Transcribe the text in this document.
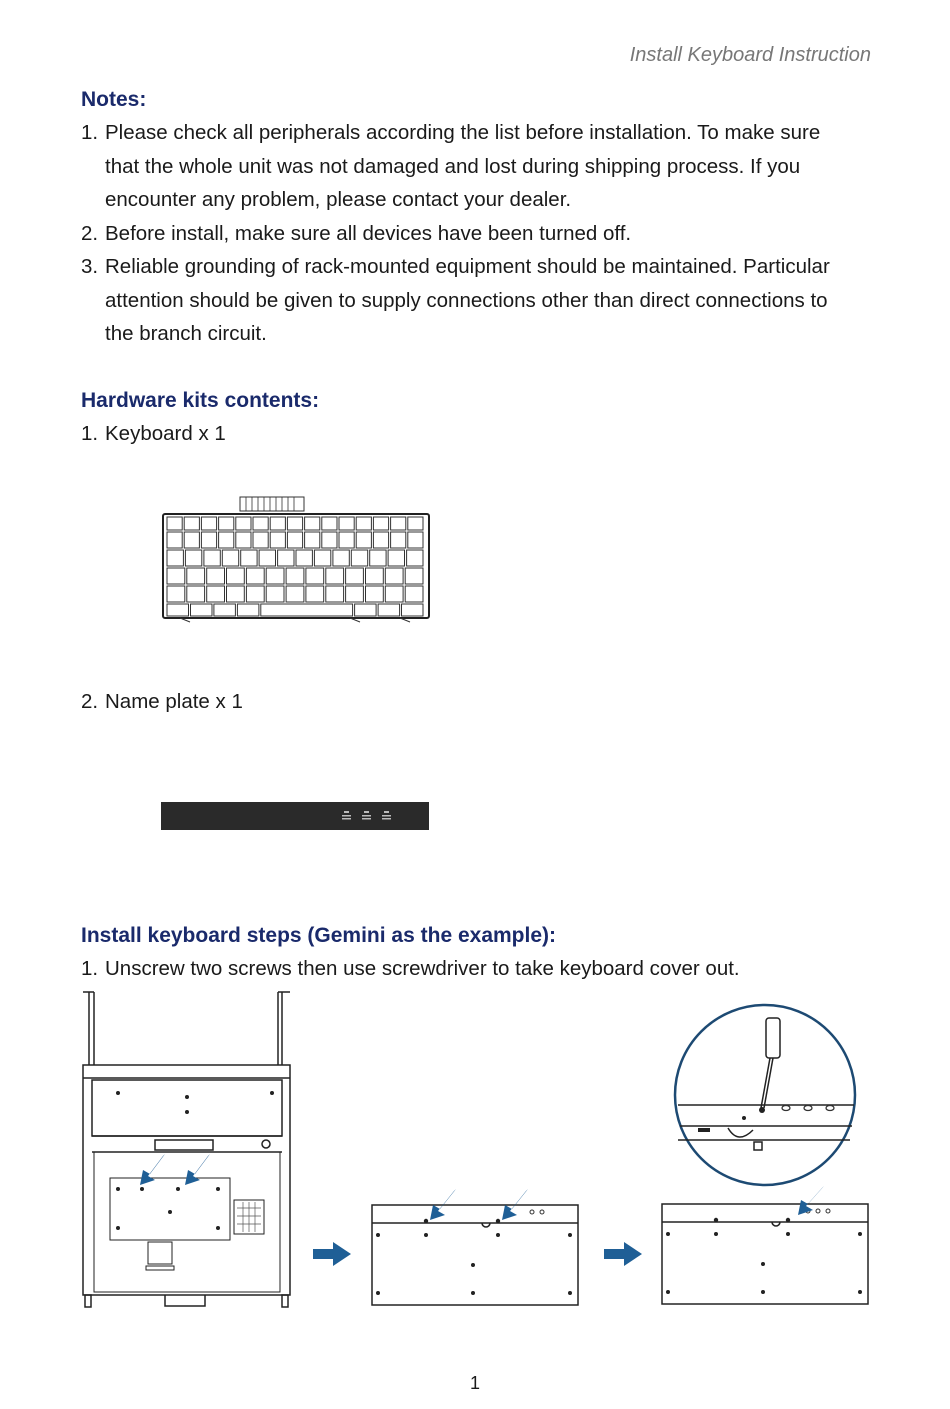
Install Keyboard Instruction
Notes:
1. Please check all peripherals according the list before installation. To make sure
that the whole unit was not damaged and lost during shipping process. If you
encounter any problem, please contact your dealer.
2. Before install, make sure all devices have been turned off.
3. Reliable grounding of rack-mounted equipment should be maintained. Particular
attention should be given to supply connections other than direct connections to
the branch circuit.
Hardware kits contents:
1. Keyboard x 1
2. Name plate x 1
Install keyboard steps (Gemini as the example):
1. Unscrew two screws then use screwdriver to take keyboard cover out.
1
